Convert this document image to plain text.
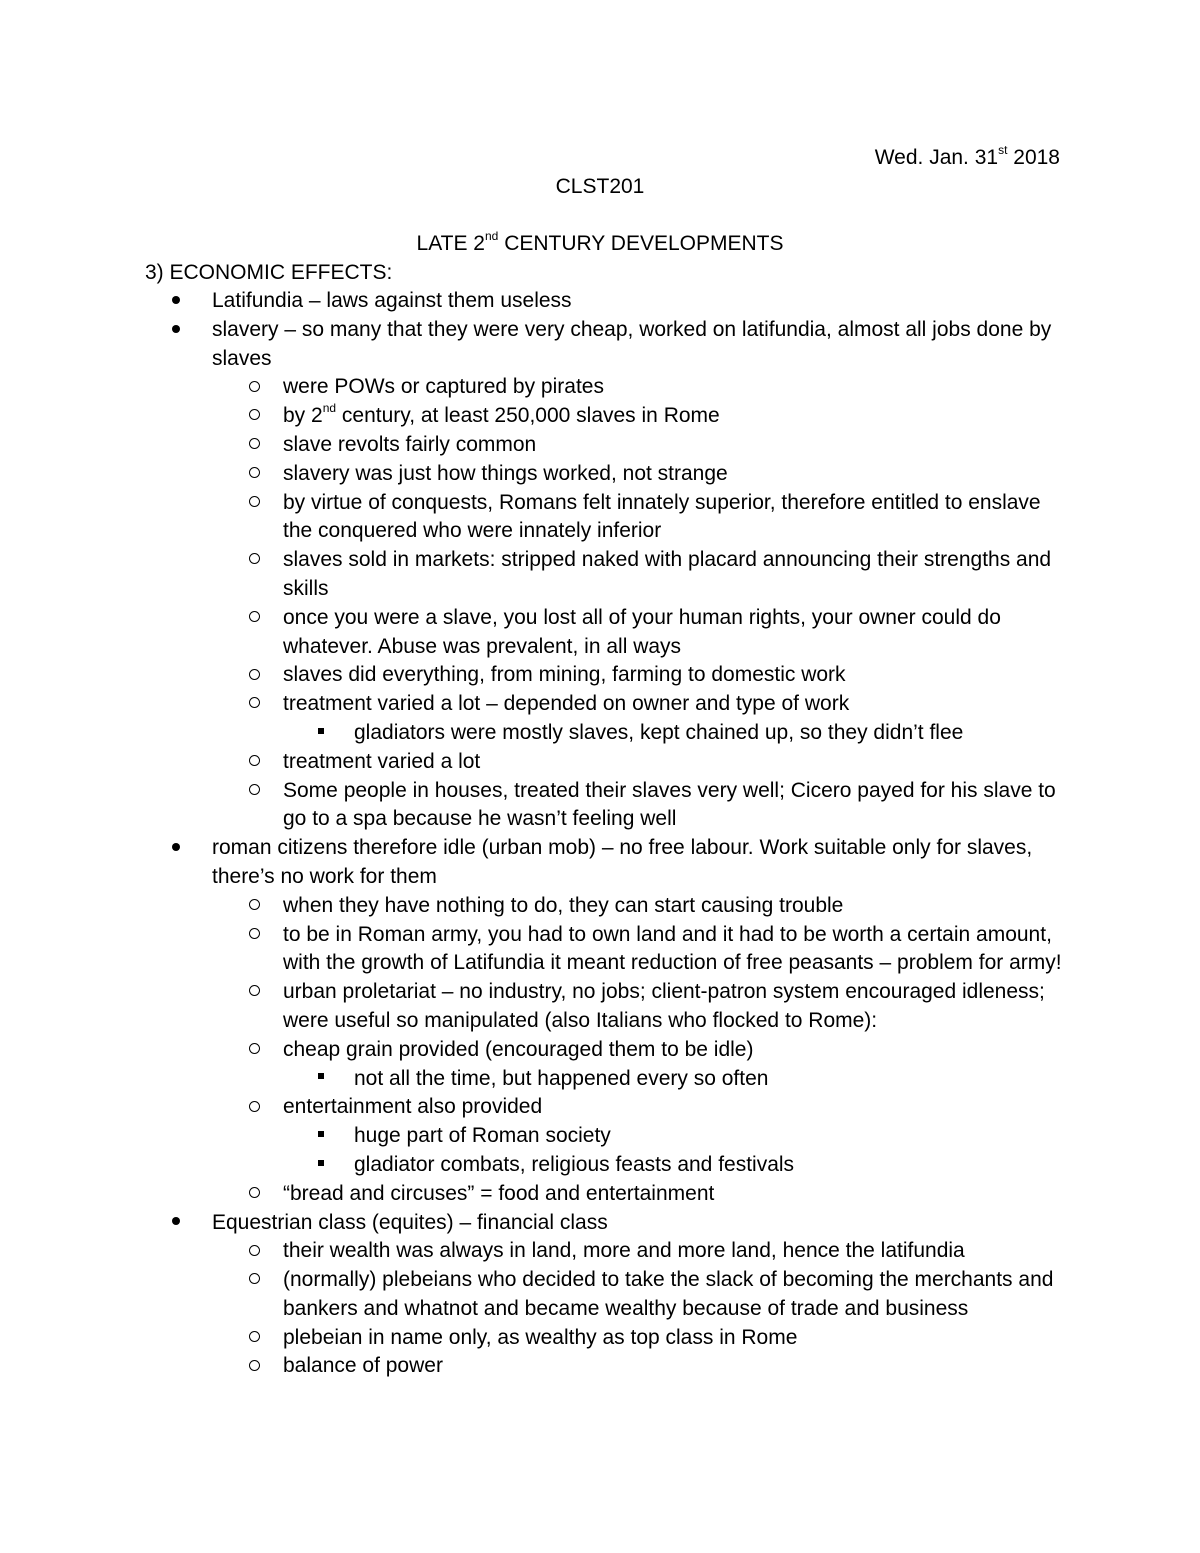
Wed. Jan. 31st 2018
CLST201
LATE 2nd CENTURY DEVELOPMENTS
3) ECONOMIC EFFECTS:
Latifundia – laws against them useless
slavery – so many that they were very cheap, worked on latifundia, almost all jobs done by slaves
were POWs or captured by pirates
by 2nd century, at least 250,000 slaves in Rome
slave revolts fairly common
slavery was just how things worked, not strange
by virtue of conquests, Romans felt innately superior, therefore entitled to enslave the conquered who were innately inferior
slaves sold in markets: stripped naked with placard announcing their strengths and skills
once you were a slave, you lost all of your human rights, your owner could do whatever. Abuse was prevalent, in all ways
slaves did everything, from mining, farming to domestic work
treatment varied a lot – depended on owner and type of work
gladiators were mostly slaves, kept chained up, so they didn’t flee
treatment varied a lot
Some people in houses, treated their slaves very well; Cicero payed for his slave to go to a spa because he wasn’t feeling well
roman citizens therefore idle (urban mob) – no free labour. Work suitable only for slaves, there’s no work for them
when they have nothing to do, they can start causing trouble
to be in Roman army, you had to own land and it had to be worth a certain amount, with the growth of Latifundia it meant reduction of free peasants – problem for army!
urban proletariat – no industry, no jobs; client-patron system encouraged idleness; were useful so manipulated (also Italians who flocked to Rome):
cheap grain provided (encouraged them to be idle)
not all the time, but happened every so often
entertainment also provided
huge part of Roman society
gladiator combats, religious feasts and festivals
“bread and circuses” = food and entertainment
Equestrian class (equites) – financial class
their wealth was always in land, more and more land, hence the latifundia
(normally) plebeians who decided to take the slack of becoming the merchants and bankers and whatnot and became wealthy because of trade and business
plebeian in name only, as wealthy as top class in Rome
balance of power
